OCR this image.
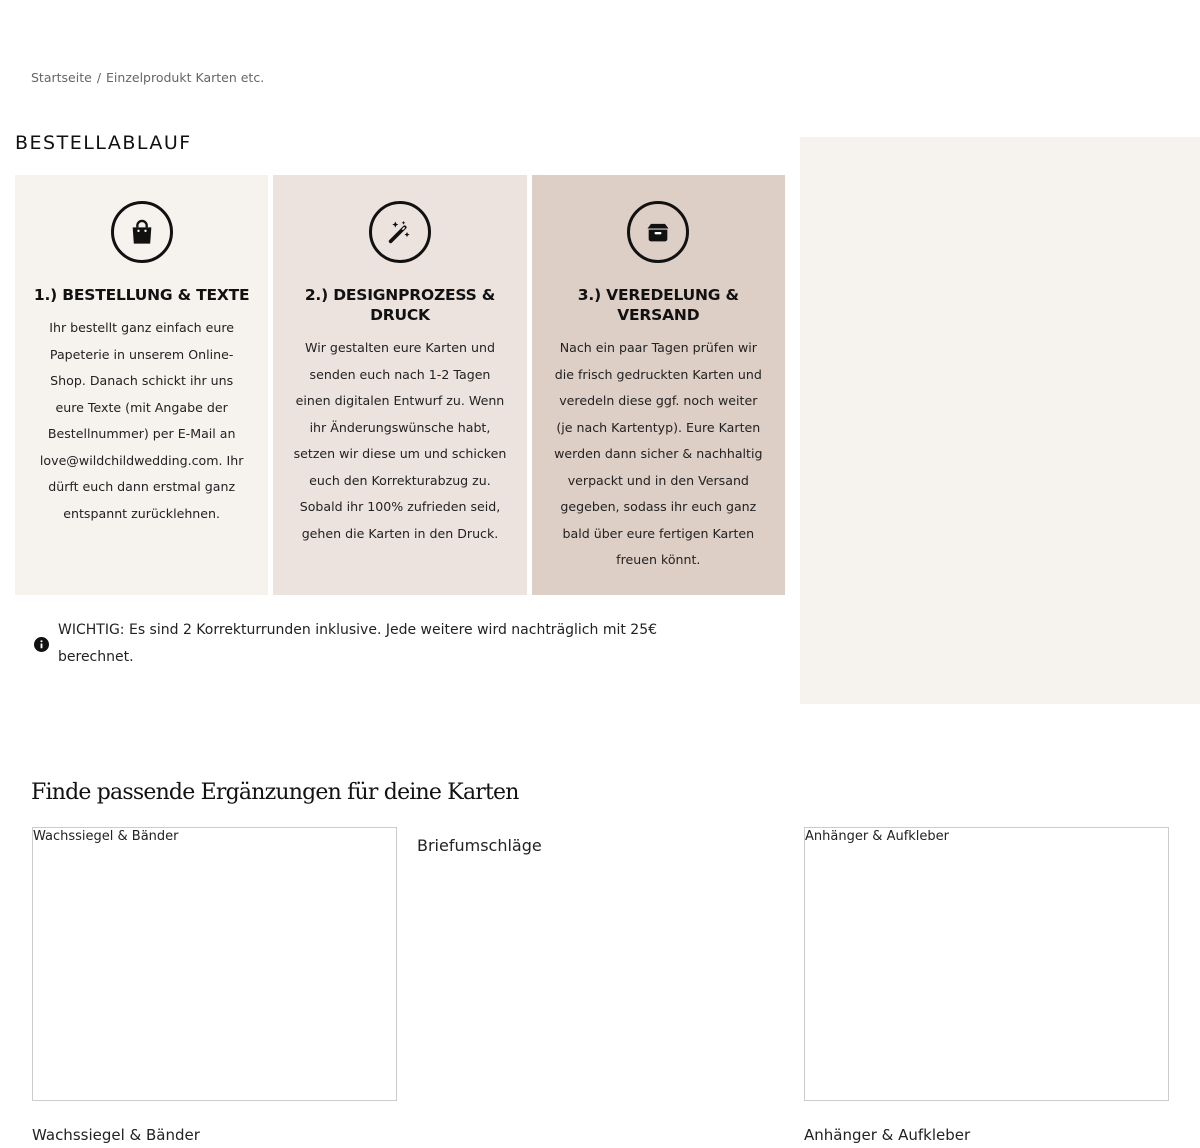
Startseite / Einzelprodukt Karten etc.
BESTELLABLAUF
1.) BESTELLUNG & TEXTE
Ihr bestellt ganz einfach eure Papeterie in unserem Online-Shop. Danach schickt ihr uns eure Texte (mit Angabe der Bestellnummer) per E-Mail an love@wildchildwedding.com. Ihr dürft euch dann erstmal ganz entspannt zurücklehnen.
2.) DESIGNPROZESS & DRUCK
Wir gestalten eure Karten und senden euch nach 1-2 Tagen einen digitalen Entwurf zu. Wenn ihr Änderungswünsche habt, setzen wir diese um und schicken euch den Korrekturabzug zu. Sobald ihr 100% zufrieden seid, gehen die Karten in den Druck.
3.) VEREDELUNG & VERSAND
Nach ein paar Tagen prüfen wir die frisch gedruckten Karten und veredeln diese ggf. noch weiter (je nach Kartentyp). Eure Karten werden dann sicher & nachhaltig verpackt und in den Versand gegeben, sodass ihr euch ganz bald über eure fertigen Karten freuen könnt.
WICHTIG: Es sind 2 Korrekturrunden inklusive. Jede weitere wird nachträglich mit 25€ berechnet.
Finde passende Ergänzungen für deine Karten
Wachssiegel & Bänder	Briefumschläge	Anhänger & Aufkleber
Wachssiegel & Bänder	Anhänger & Aufkleber
